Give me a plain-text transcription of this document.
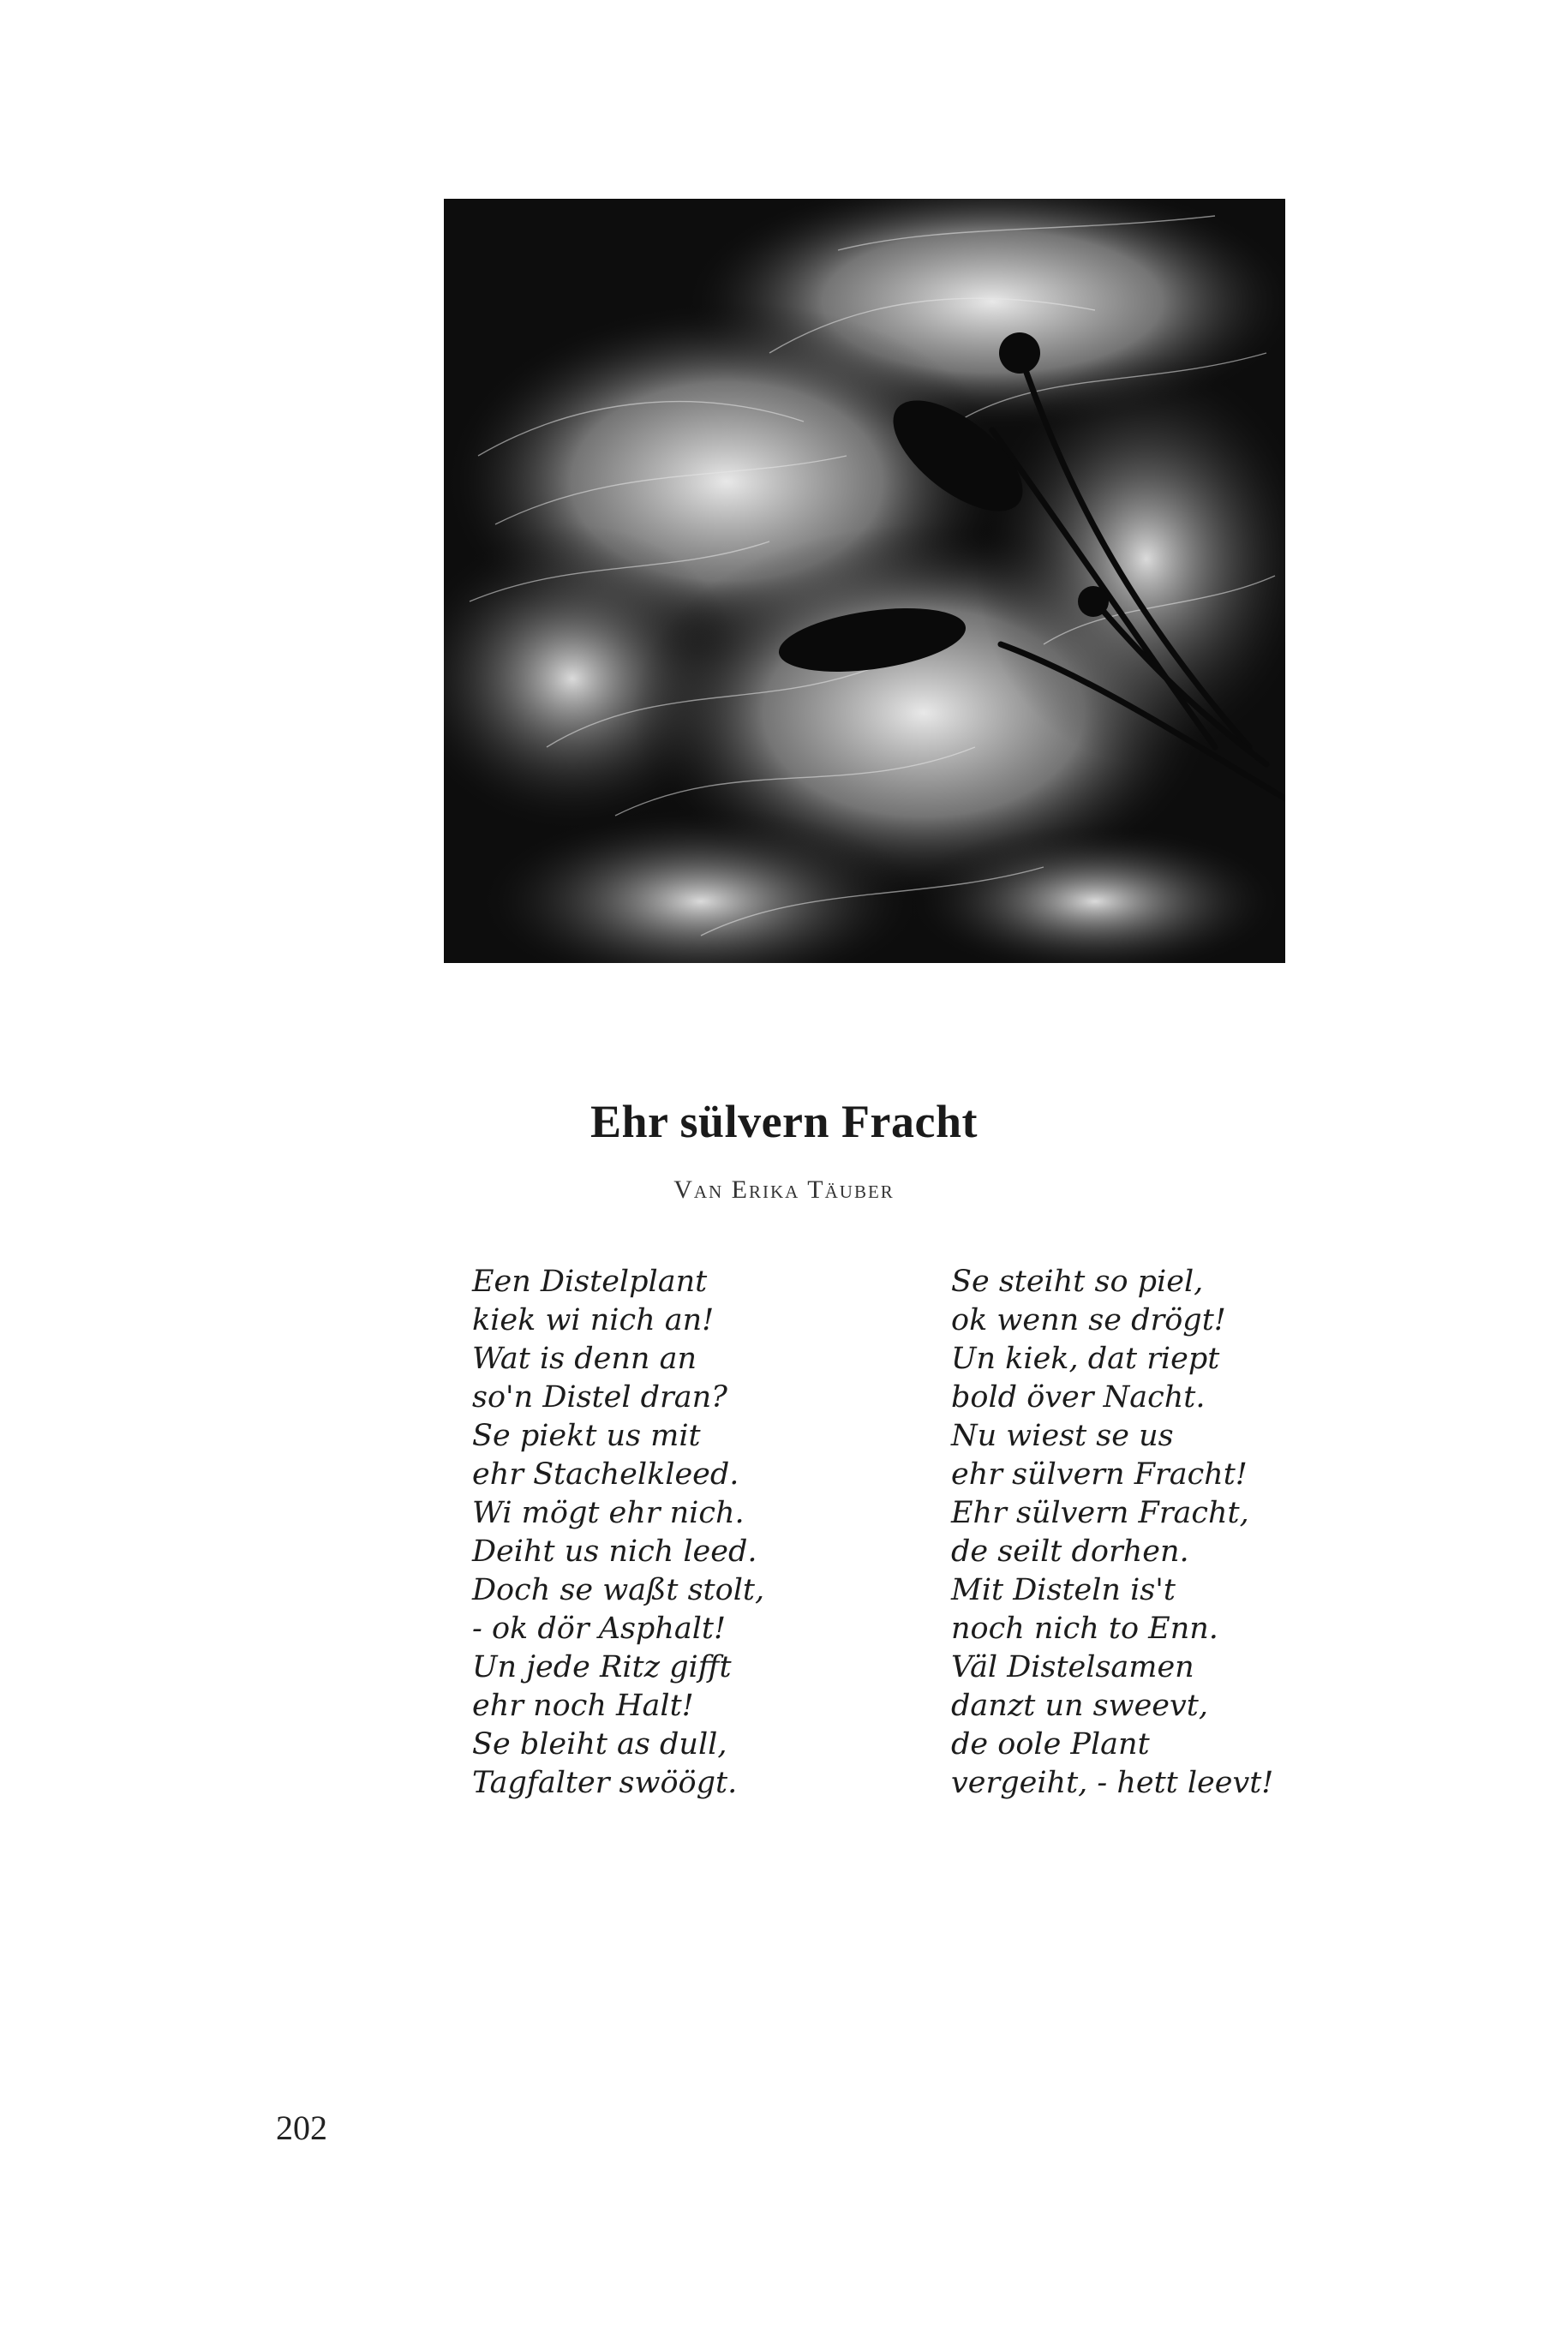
Ehr sülvern Fracht
Van Erika Täuber
Een Distelplant
kiek wi nich an!
Wat is denn an
so'n Distel dran?
Se piekt us mit
ehr Stachelkleed.
Wi mögt ehr nich.
Deiht us nich leed.
Doch se waßt stolt,
- ok dör Asphalt!
Un jede Ritz gifft
ehr noch Halt!
Se bleiht as dull,
Tagfalter swöögt.
Se steiht so piel,
ok wenn se drögt!
Un kiek, dat riept
bold över Nacht.
Nu wiest se us
ehr sülvern Fracht!
Ehr sülvern Fracht,
de seilt dorhen.
Mit Disteln is't
noch nich to Enn.
Väl Distelsamen
danzt un sweevt,
de oole Plant
vergeiht, - hett leevt!
202
